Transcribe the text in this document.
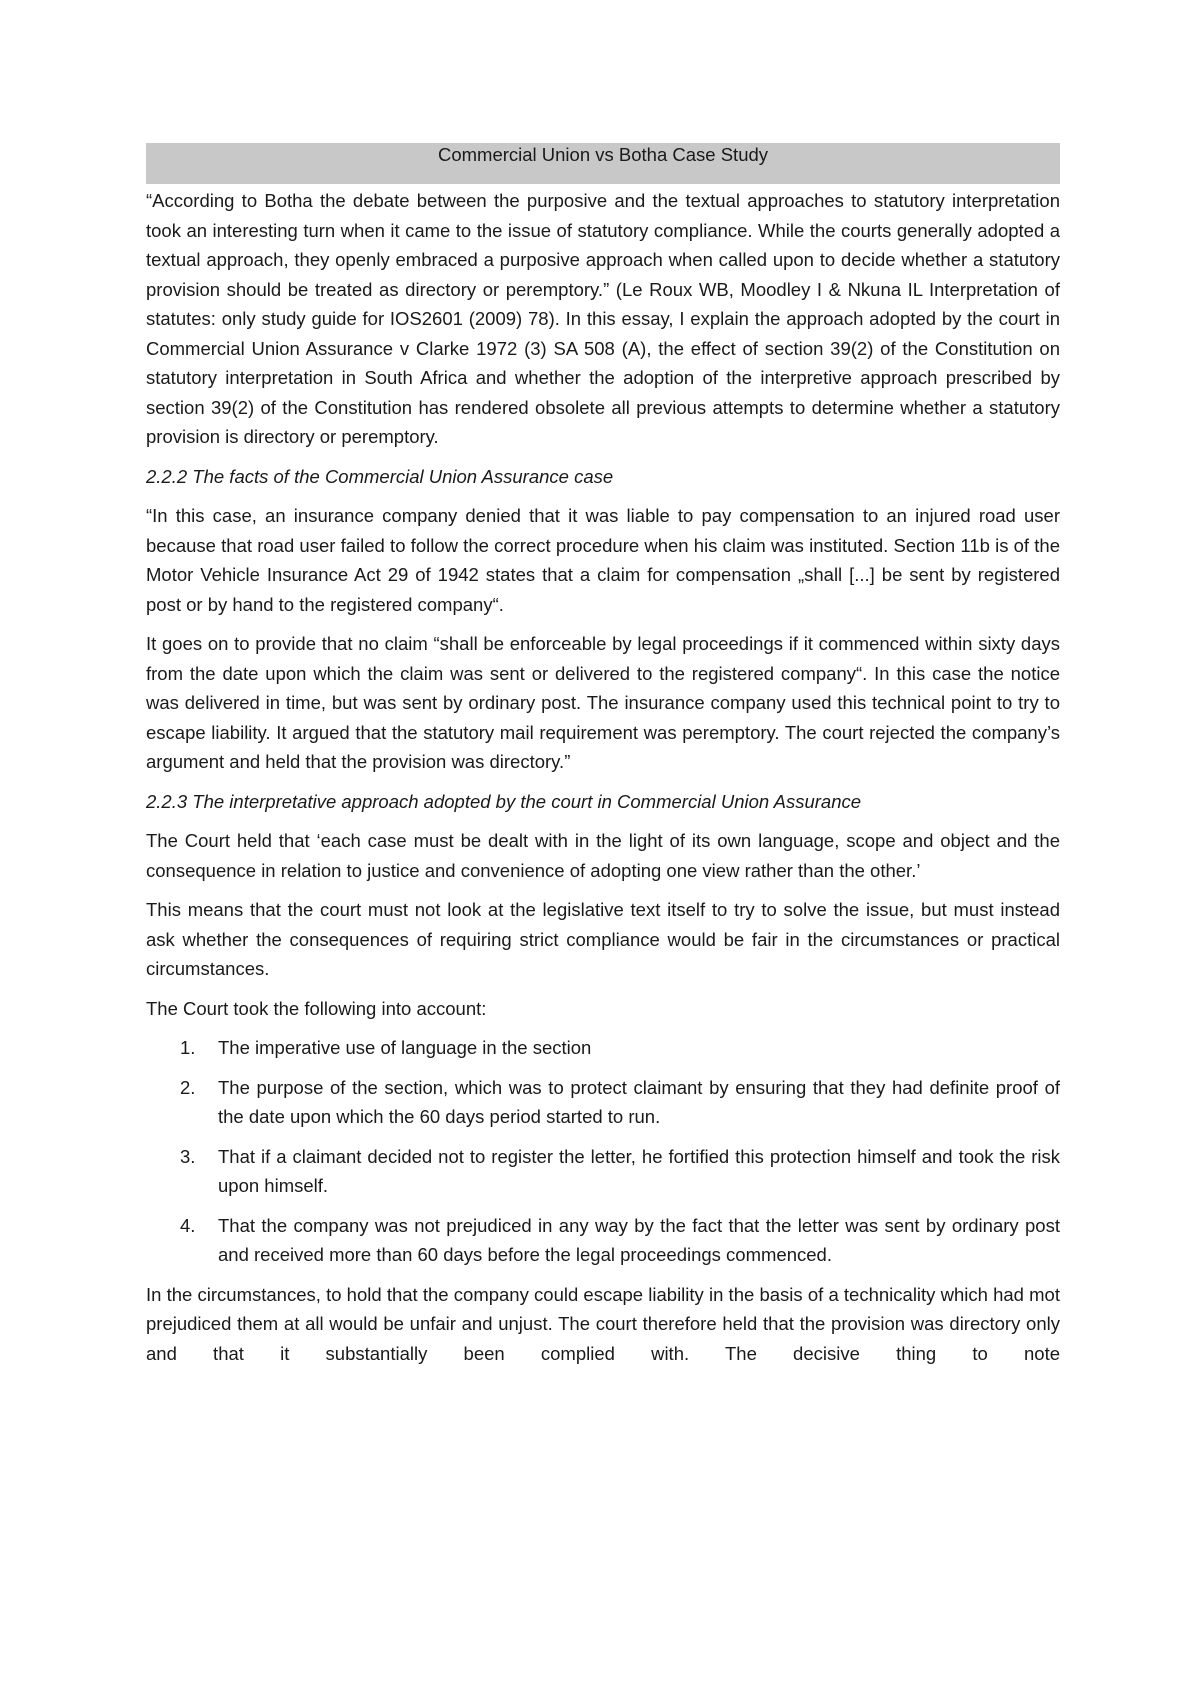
Commercial Union vs Botha Case Study

“According to Botha the debate between the purposive and the textual approaches to statutory interpretation took an interesting turn when it came to the issue of statutory compliance. While the courts generally adopted a textual approach, they openly embraced a purposive approach when called upon to decide whether a statutory provision should be treated as directory or peremptory.” (Le Roux WB, Moodley I & Nkuna IL Interpretation of statutes: only study guide for IOS2601 (2009) 78). In this essay, I explain the approach adopted by the court in Commercial Union Assurance v Clarke 1972 (3) SA 508 (A), the effect of section 39(2) of the Constitution on statutory interpretation in South Africa and whether the adoption of the interpretive approach prescribed by section 39(2) of the Constitution has rendered obsolete all previous attempts to determine whether a statutory provision is directory or peremptory.

2.2.2 The facts of the Commercial Union Assurance case

“In this case, an insurance company denied that it was liable to pay compensation to an injured road user because that road user failed to follow the correct procedure when his claim was instituted. Section 11b is of the Motor Vehicle Insurance Act 29 of 1942 states that a claim for compensation „shall [...] be sent by registered post or by hand to the registered company“.

It goes on to provide that no claim “shall be enforceable by legal proceedings if it commenced within sixty days from the date upon which the claim was sent or delivered to the registered company“. In this case the notice was delivered in time, but was sent by ordinary post. The insurance company used this technical point to try to escape liability. It argued that the statutory mail requirement was peremptory. The court rejected the company’s argument and held that the provision was directory.”

2.2.3 The interpretative approach adopted by the court in Commercial Union Assurance

The Court held that ‘each case must be dealt with in the light of its own language, scope and object and the consequence in relation to justice and convenience of adopting one view rather than the other.’

This means that the court must not look at the legislative text itself to try to solve the issue, but must instead ask whether the consequences of requiring strict compliance would be fair in the circumstances or practical circumstances.

The Court took the following into account:

1. The imperative use of language in the section
2. The purpose of the section, which was to protect claimant by ensuring that they had definite proof of the date upon which the 60 days period started to run.
3. That if a claimant decided not to register the letter, he fortified this protection himself and took the risk upon himself.
4. That the company was not prejudiced in any way by the fact that the letter was sent by ordinary post and received more than 60 days before the legal proceedings commenced.

In the circumstances, to hold that the company could escape liability in the basis of a technicality which had mot prejudiced them at all would be unfair and unjust. The court therefore held that the provision was directory only and that it substantially been complied with. The decisive thing to note
